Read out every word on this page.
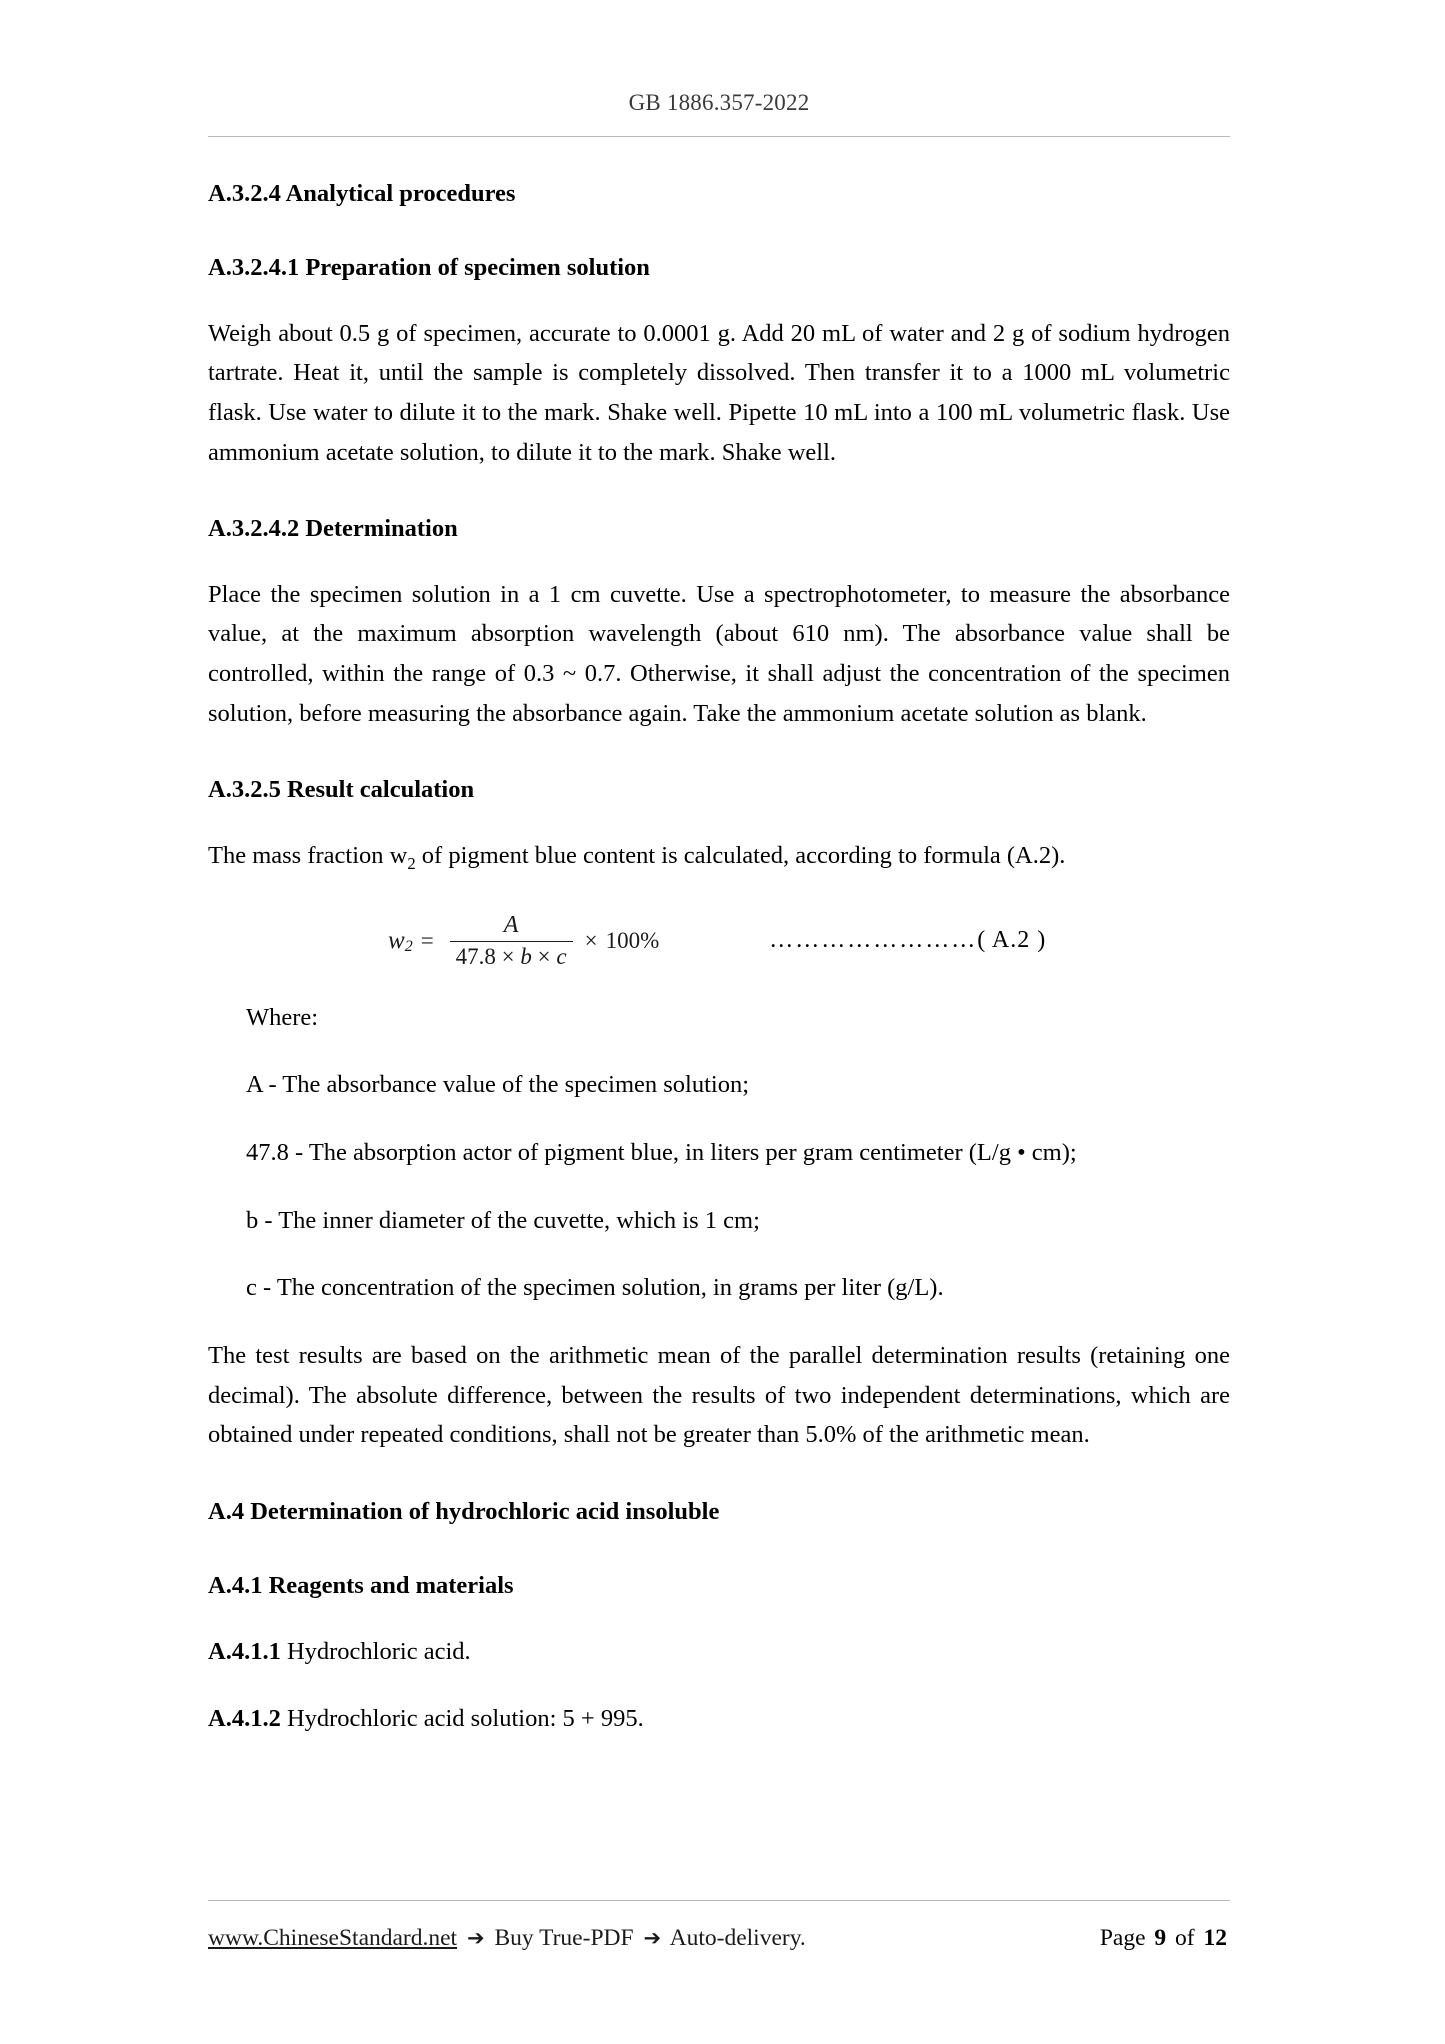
GB 1886.357-2022
A.3.2.4 Analytical procedures
A.3.2.4.1 Preparation of specimen solution
Weigh about 0.5 g of specimen, accurate to 0.0001 g. Add 20 mL of water and 2 g of sodium hydrogen tartrate. Heat it, until the sample is completely dissolved. Then transfer it to a 1000 mL volumetric flask. Use water to dilute it to the mark. Shake well. Pipette 10 mL into a 100 mL volumetric flask. Use ammonium acetate solution, to dilute it to the mark. Shake well.
A.3.2.4.2 Determination
Place the specimen solution in a 1 cm cuvette. Use a spectrophotometer, to measure the absorbance value, at the maximum absorption wavelength (about 610 nm). The absorbance value shall be controlled, within the range of 0.3 ~ 0.7. Otherwise, it shall adjust the concentration of the specimen solution, before measuring the absorbance again. Take the ammonium acetate solution as blank.
A.3.2.5 Result calculation
The mass fraction $w_2$ of pigment blue content is calculated, according to formula (A.2).
w $2 = \frac{A}{47.8 \times b \times c} \times 100\%$	……………………( A.2 )
Where:
A - The absorbance value of the specimen solution;
47.8 - The absorption actor of pigment blue, in liters per gram centimeter (L/g • cm);
b - The inner diameter of the cuvette, which is 1 cm;
c - The concentration of the specimen solution, in grams per liter (g/L).
The test results are based on the arithmetic mean of the parallel determination results (retaining one decimal). The absolute difference, between the results of two independent determinations, which are obtained under repeated conditions, shall not be greater than 5.0% of the arithmetic mean.
A.4 Determination of hydrochloric acid insoluble
A.4.1 Reagents and materials
A.4.1.1 Hydrochloric acid.
A.4.1.2 Hydrochloric acid solution: 5 + 995.
www.ChineseStandard.net ➔ Buy True-PDF ➔ Auto-delivery.	Page 9 of 12
